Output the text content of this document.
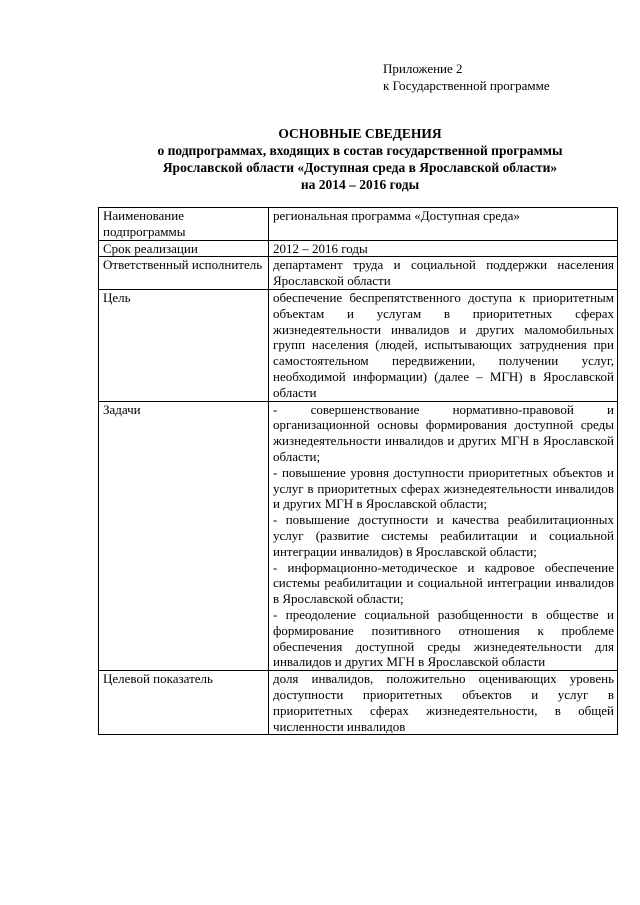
Приложение 2
к Государственной программе
ОСНОВНЫЕ СВЕДЕНИЯ
о подпрограммах, входящих в состав государственной программы
Ярославской области «Доступная среда в Ярославской области»
на 2014 – 2016 годы
Наименование подпрограммы	региональная программа «Доступная среда»
Срок реализации	2012 – 2016 годы
Ответственный исполнитель	департамент труда и социальной поддержки населения Ярославской области
Цель	обеспечение беспрепятственного доступа к приоритетным объектам и услугам в приоритетных сферах жизнедеятельности инвалидов и других маломобильных групп населения (людей, испытывающих затруднения при самостоятельном передвижении, получении услуг, необходимой информации) (далее – МГН) в Ярославской области
Задачи	- совершенствование нормативно-правовой и организационной основы формирования доступной среды жизнедеятельности инвалидов и других МГН в Ярославской области;

- повышение уровня доступности приоритетных объектов и услуг в приоритетных сферах жизнедеятельности инвалидов и других МГН в Ярославской области;

- повышение доступности и качества реабилитационных услуг (развитие системы реабилитации и социальной интеграции инвалидов) в Ярославской области;

- информационно-методическое и кадровое обеспечение системы реабилитации и социальной интеграции инвалидов в Ярославской области;

- преодоление социальной разобщенности в обществе и формирование позитивного отношения к проблеме обеспечения доступной среды жизнедеятельности для инвалидов и других МГН в Ярославской области

Целевой показатель	доля инвалидов, положительно оценивающих уровень доступности приоритетных объектов и услуг в приоритетных сферах жизнедеятельности, в общей численности инвалидов
